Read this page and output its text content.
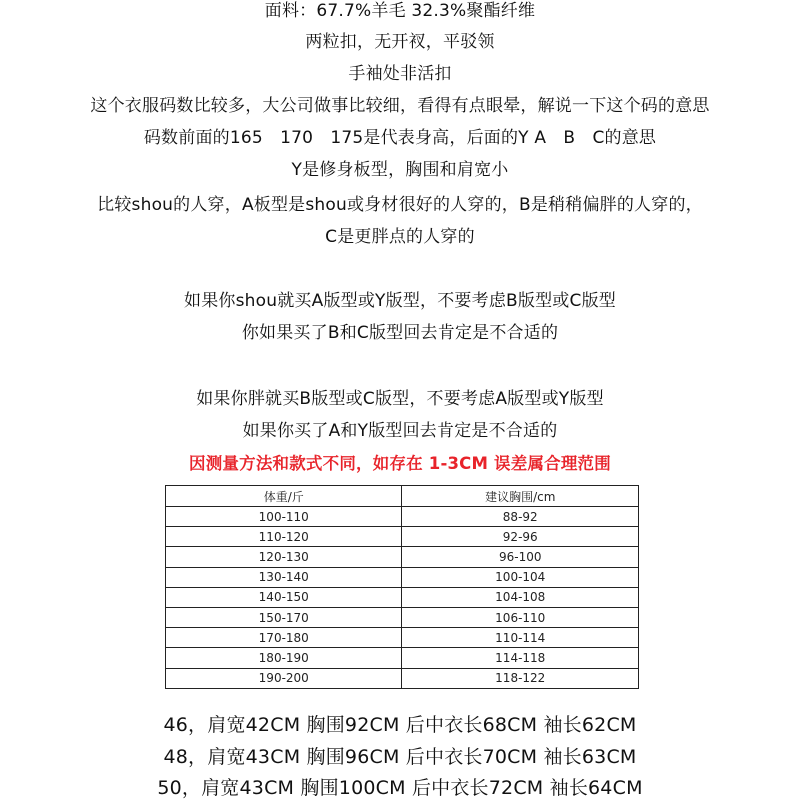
面料：67.7%羊毛 32.3%聚酯纤维
两粒扣，无开衩，平驳领
手袖处非活扣
这个衣服码数比较多，大公司做事比较细，看得有点眼晕，解说一下这个码的意思
码数前面的165　170　175是代表身高，后面的Y A　B　C的意思
Y是修身板型，胸围和肩宽小
比较shou的人穿，A板型是shou或身材很好的人穿的，B是稍稍偏胖的人穿的，
C是更胖点的人穿的
如果你shou就买A版型或Y版型，不要考虑B版型或C版型
你如果买了B和C版型回去肯定是不合适的
如果你胖就买B版型或C版型，不要考虑A版型或Y版型
如果你买了A和Y版型回去肯定是不合适的
因测量方法和款式不同，如存在 1-3CM 误差属合理范围
体重/斤	建议胸围/cm
100-110	88-92
110-120	92-96
120-130	96-100
130-140	100-104
140-150	104-108
150-170	106-110
170-180	110-114
180-190	114-118
190-200	118-122
46，肩宽42CM 胸围92CM 后中衣长68CM 袖长62CM
48，肩宽43CM 胸围96CM 后中衣长70CM 袖长63CM
50，肩宽43CM 胸围100CM 后中衣长72CM 袖长64CM
